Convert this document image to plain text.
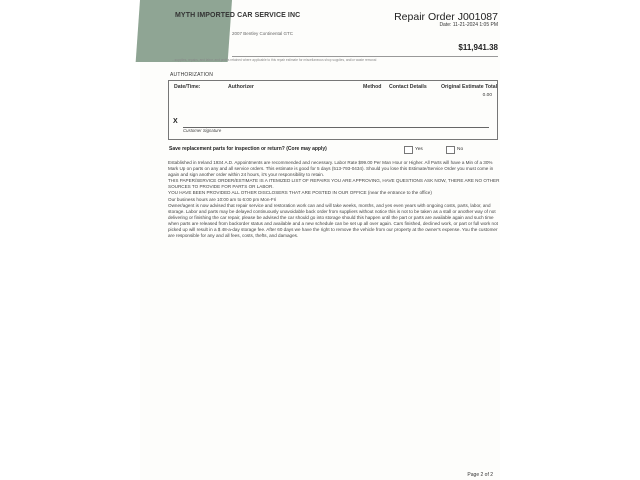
MYTH IMPORTED CAR SERVICE INC
2007 Bentley Continental GTC
Repair Order J001087
Date: 11-21-2024 1:05 PM
$11,941.38
...supplies, repairs, and labor, and profits retained where applicable to this repair estimate for miscellaneous shop supplies, and/or waste removal
AUTHORIZATION
Date/Time:	Authorizer	Method Contact Details	Original Estimate Total
0.00
X
Customer Signature
Save replacement parts for inspection or return? (Core may apply)	Yes	No

Established in Ireland 1934 A.D. Appointments are recommended and necessary. Labor Rate $99.00 Per Man Hour or Higher. All Parts will have a Min of a 30% Mark Up on parts on any and all service orders. This estimate is good for 5 days (513-793-0434). Should you lose this Estimate/Service Order you must come in again and sign another order within 24 hours, it's your responsibility to retain.

THIS PAPER/SERVICE ORDER/ESTIMATE IS A ITEMIZED LIST OF REPAIRS YOU ARE APPROVING, HAVE QUESTIONS ASK NOW, THERE ARE NO OTHER SOURCES TO PROVIDE FOR PARTS OR LABOR.

YOU HAVE BEEN PROVIDED ALL OTHER DISCLOSERS THAT ARE POSTED IN OUR OFFICE (near the entrance to the office)

Our business hours are 10:00 am to 6:00 pm Mon-Fri

Owner/agent is now advised that repair service and restoration work can and will take weeks, months, and yes even years with ongoing costs, parts, labor, and storage. Labor and parts may be delayed continuously unavoidable back order from suppliers without notice this is not to be taken as a stall or another way of not delivering or finishing the car repair, please be advised the car should go into storage should this happen until the part or parts are available again and such time when parts are released from backorder status and available and a new schedule can be set up all over again. Cars finished, declined work, or part or full work not picked up will result in a $ 48-a-day storage fee. After 60 days we have the right to remove the vehicle from our property at the owner's expense. You the customer are responsible for any and all fees, costs, thefts, and damages.

Page 2 of 2
